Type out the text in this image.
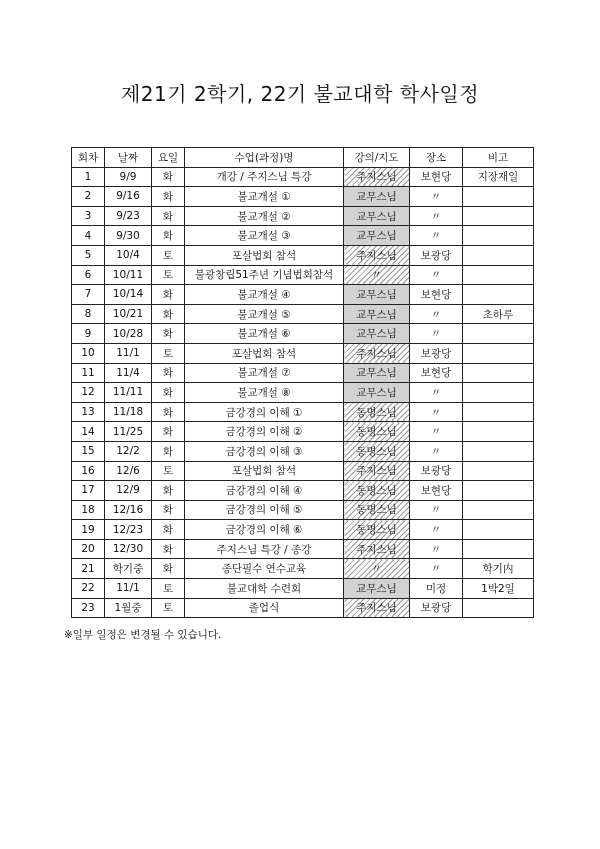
제21기 2학기, 22기 불교대학 학사일정
회차	날짜	요일	수업(과정)명	강의/지도	장소	비고
1	9/9	화	개강 / 주지스님 특강	주지스님	보현당	지장재일
2	9/16	화	불교개설 ①	교무스님	〃	
3	9/23	화	불교개설 ②	교무스님	〃	
4	9/30	화	불교개설 ③	교무스님	〃	
5	10/4	토	포살법회 참석	주지스님	보광당	
6	10/11	토	불광창립51주년 기념법회참석	〃	〃	
7	10/14	화	불교개설 ④	교무스님	보현당	
8	10/21	화	불교개설 ⑤	교무스님	〃	초하루
9	10/28	화	불교개설 ⑥	교무스님	〃	
10	11/1	토	포살법회 참석	주지스님	보광당	
11	11/4	화	불교개설 ⑦	교무스님	보현당	
12	11/11	화	불교개설 ⑧	교무스님	〃	
13	11/18	화	금강경의 이해 ①	동명스님	〃	
14	11/25	화	금강경의 이해 ②	동명스님	〃	
15	12/2	화	금강경의 이해 ③	동명스님	〃	
16	12/6	토	포살법회 참석	주지스님	보광당	
17	12/9	화	금강경의 이해 ④	동명스님	보현당	
18	12/16	화	금강경의 이해 ⑤	동명스님	〃	
19	12/23	화	금강경의 이해 ⑥	동명스님	〃	
20	12/30	화	주지스님 특강 / 종강	주지스님	〃	
21	학기중	화	종단필수 연수교육	〃	〃	학기内
22	11/1	토	불교대학 수련회	교무스님	미정	1박2일
23	1월중	토	졸업식	주지스님	보광당	
※일부 일정은 변경될 수 있습니다.
